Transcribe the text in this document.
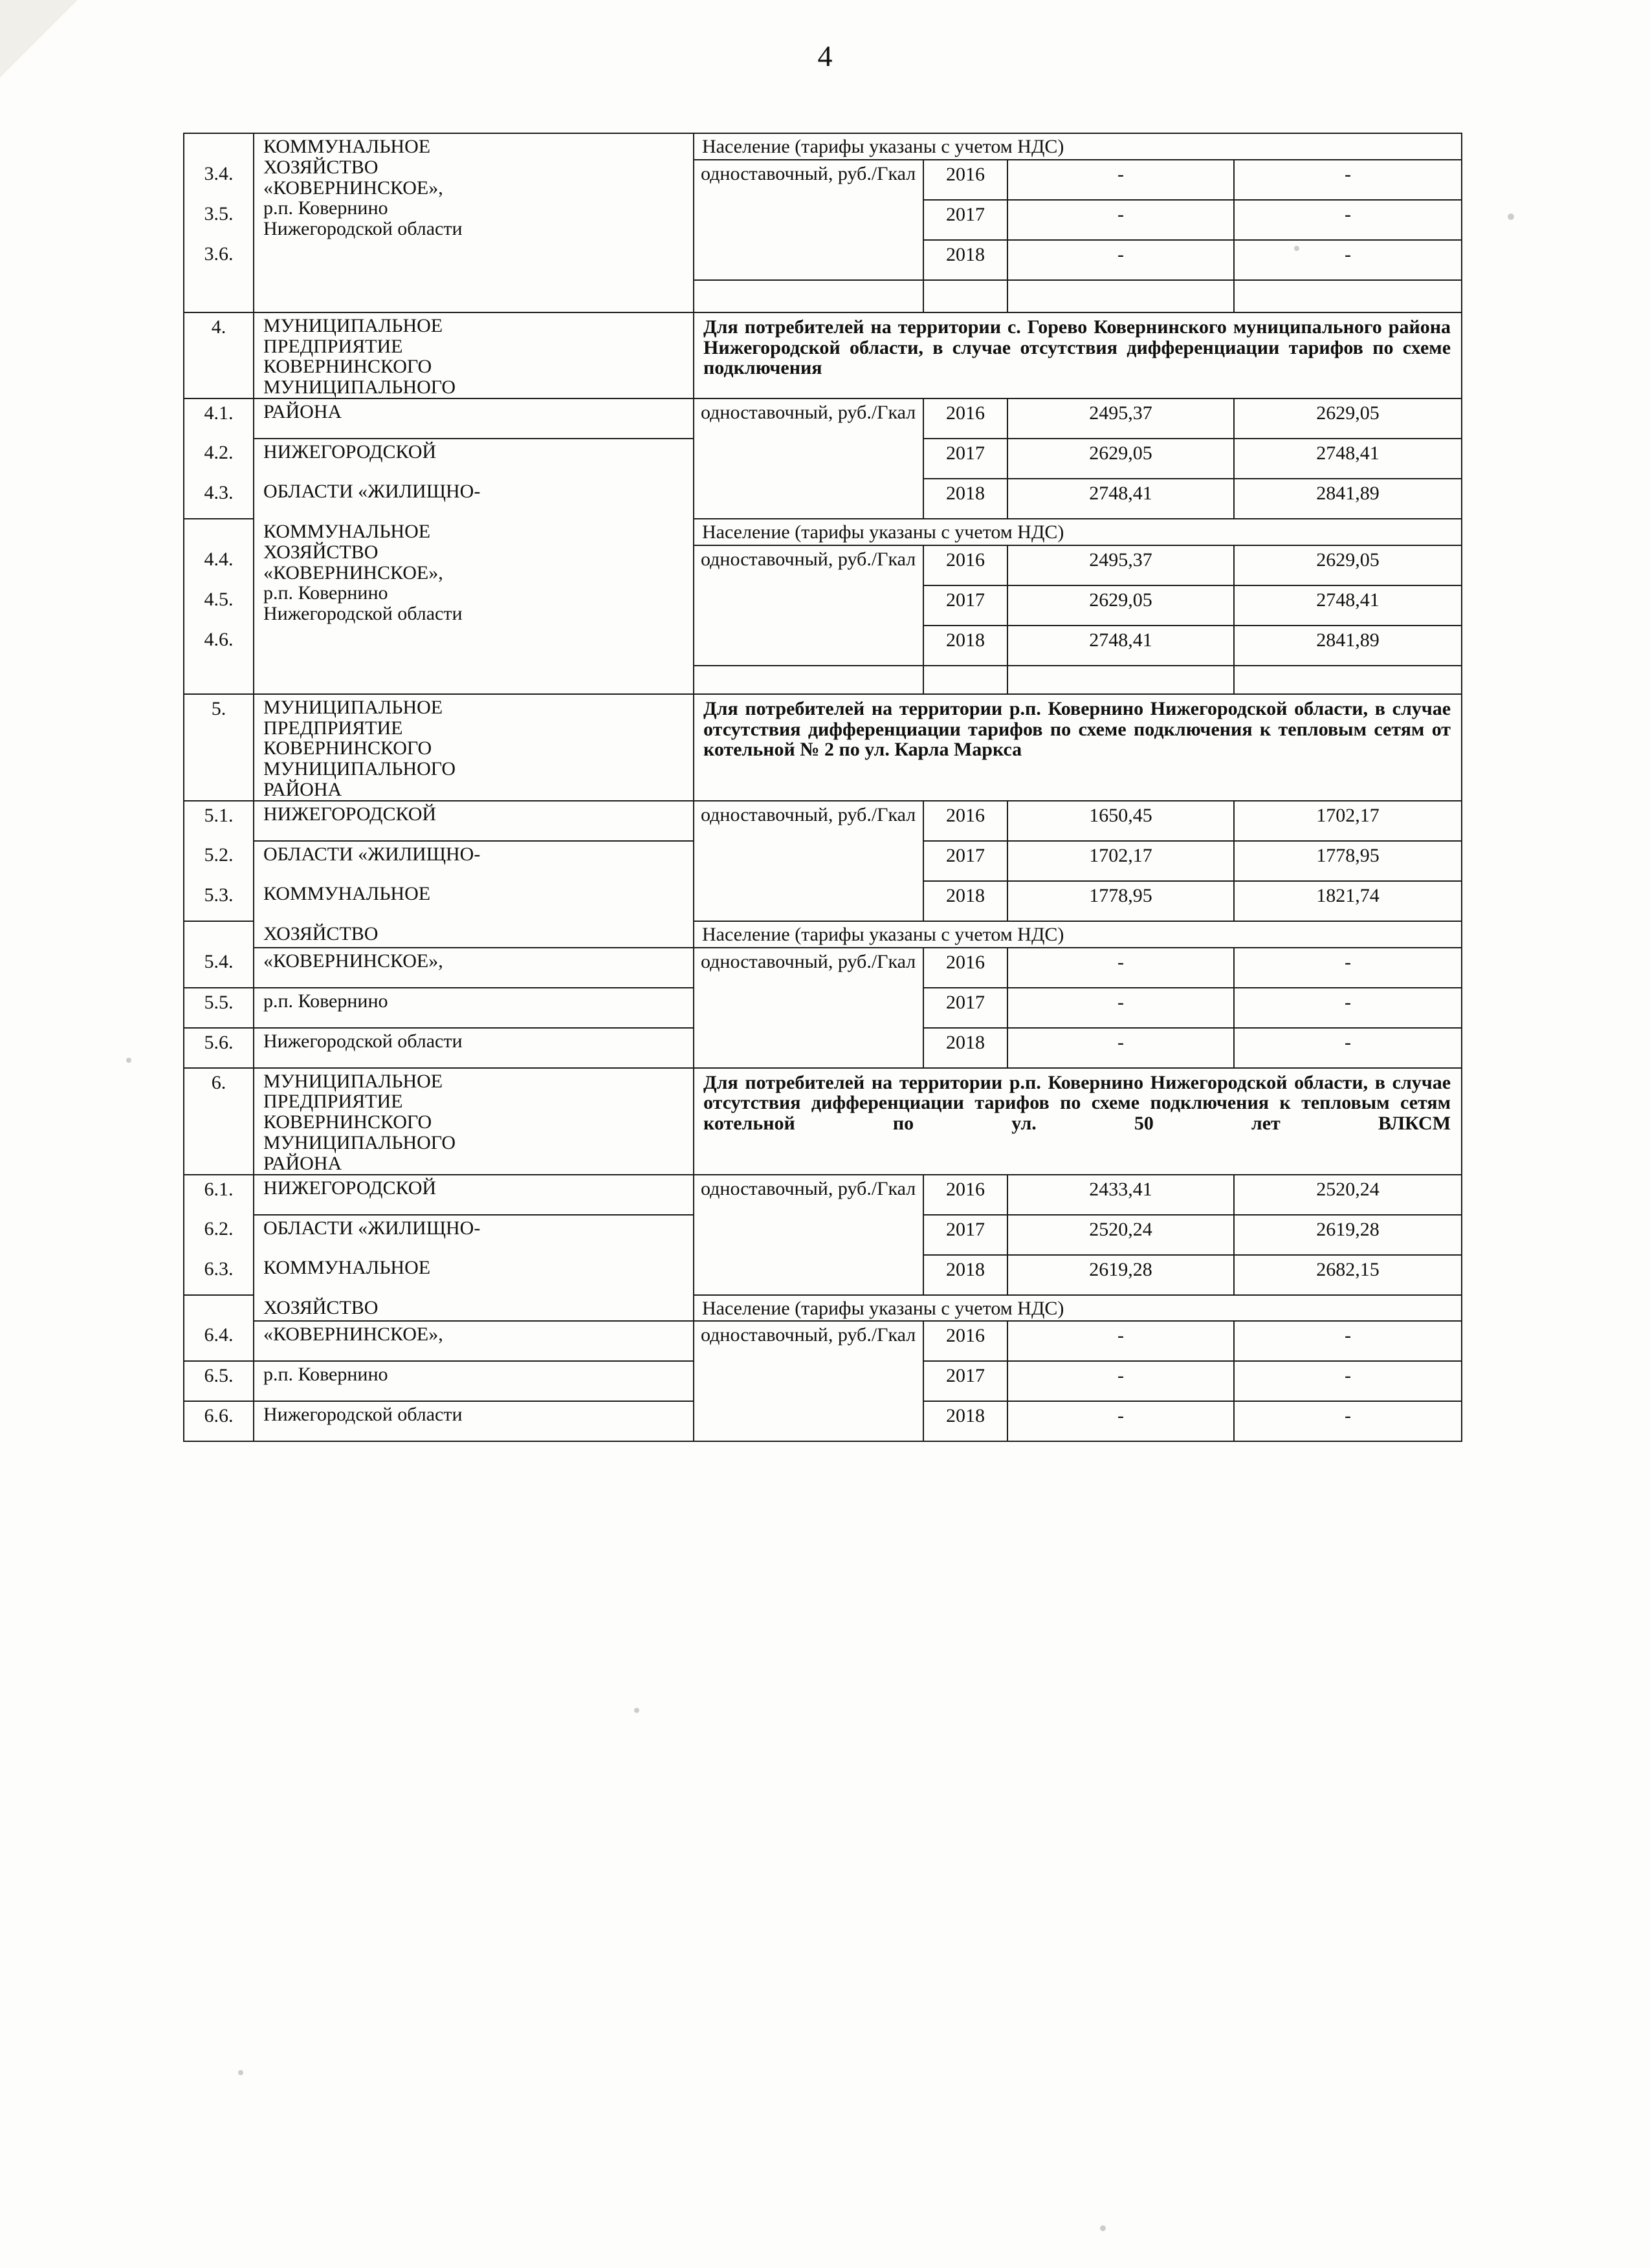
4

	КОММУНАЛЬНОЕ
ХОЗЯЙСТВО
«КОВЕРНИНСКОЕ»,
р.п. Ковернино
Нижегородской области	Население (тарифы указаны с учетом НДС)			
3.4.		одноставочный, руб./Гкал	2016	-	-
3.5.			2017	-	-
3.6.			2018	-	-

4.	МУНИЦИПАЛЬНОЕ
ПРЕДПРИЯТИЕ
КОВЕРНИНСКОГО
МУНИЦИПАЛЬНОГО	Для потребителей на территории с. Горево Ковернинского муниципального района Нижегородской области, в случае отсутствия дифференциации тарифов по схеме подключения			

4.1.	РАЙОНА	одноставочный, руб./Гкал	2016	2495,37	2629,05
4.2.	НИЖЕГОРОДСКОЙ		2017	2629,05	2748,41
4.3.	ОБЛАСТИ «ЖИЛИЩНО-		2018	2748,41	2841,89

	КОММУНАЛЬНОЕ
ХОЗЯЙСТВО
«КОВЕРНИНСКОЕ»,
р.п. Ковернино
Нижегородской области	Население (тарифы указаны с учетом НДС)			
4.4.		одноставочный, руб./Гкал	2016	2495,37	2629,05
4.5.			2017	2629,05	2748,41
4.6.			2018	2748,41	2841,89

5.	МУНИЦИПАЛЬНОЕ
ПРЕДПРИЯТИЕ
КОВЕРНИНСКОГО
МУНИЦИПАЛЬНОГО
РАЙОНА	Для потребителей на территории р.п. Ковернино Нижегородской области, в случае отсутствия дифференциации тарифов по схеме подключения к тепловым сетям от котельной № 2 по ул. Карла Маркса			

5.1.	НИЖЕГОРОДСКОЙ	одноставочный, руб./Гкал	2016	1650,45	1702,17
5.2.	ОБЛАСТИ «ЖИЛИЩНО-		2017	1702,17	1778,95
5.3.	КОММУНАЛЬНОЕ		2018	1778,95	1821,74

	ХОЗЯЙСТВО	Население (тарифы указаны с учетом НДС)			
5.4.	«КОВЕРНИНСКОЕ»,	одноставочный, руб./Гкал	2016	-	-
5.5.	р.п. Ковернино		2017	-	-
5.6.	Нижегородской области		2018	-	-
6.	МУНИЦИПАЛЬНОЕ
ПРЕДПРИЯТИЕ
КОВЕРНИНСКОГО
МУНИЦИПАЛЬНОГО
РАЙОНА	Для потребителей на территории р.п. Ковернино Нижегородской области, в случае отсутствия дифференциации тарифов по схеме подключения к тепловым сетям котельной по ул. 50 лет ВЛКСМ			

6.1.	НИЖЕГОРОДСКОЙ	одноставочный, руб./Гкал	2016	2433,41	2520,24
6.2.	ОБЛАСТИ «ЖИЛИЩНО-		2017	2520,24	2619,28
6.3.	КОММУНАЛЬНОЕ		2018	2619,28	2682,15

	ХОЗЯЙСТВО	Население (тарифы указаны с учетом НДС)			
6.4.	«КОВЕРНИНСКОЕ»,	одноставочный, руб./Гкал	2016	-	-
6.5.	р.п. Ковернино		2017	-	-
6.6.	Нижегородской области		2018	-	-
